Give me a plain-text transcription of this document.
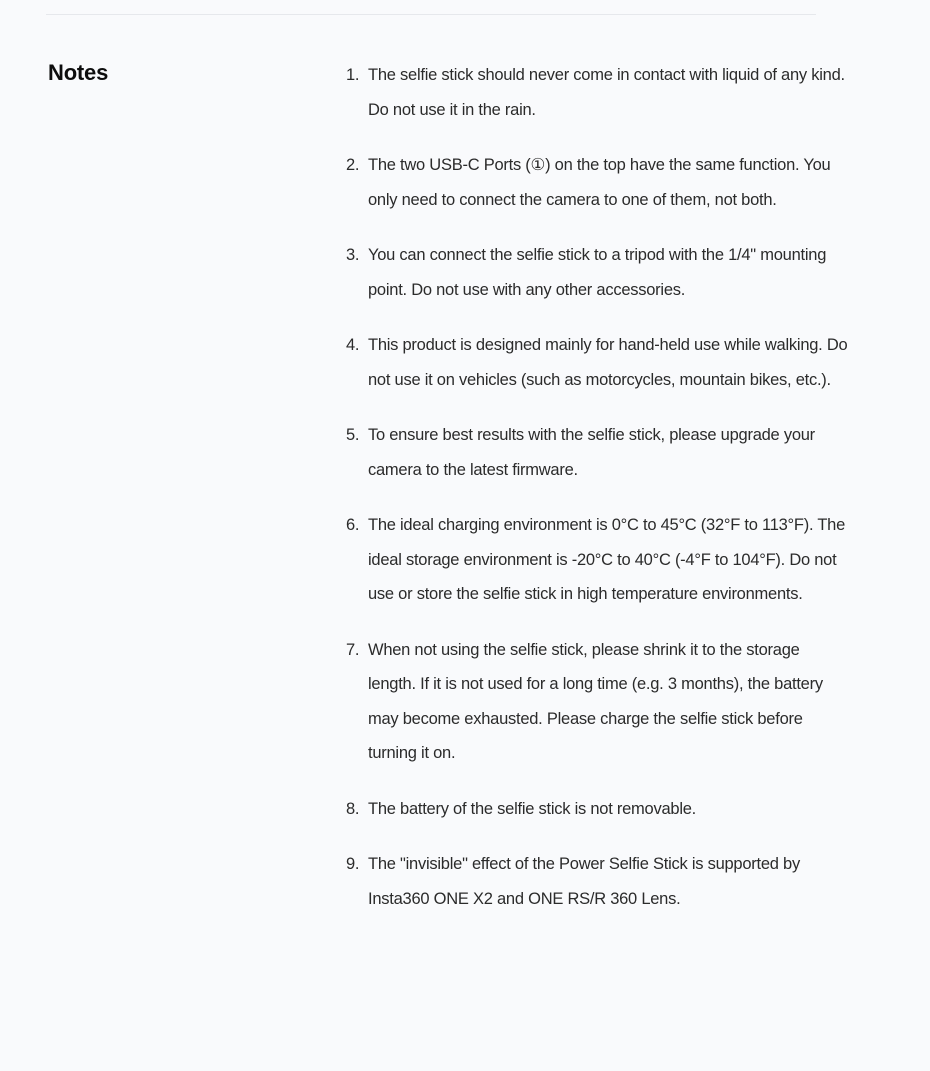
Notes	1. The selfie stick should never come in contact with liquid of any kind. Do not use it in the rain.
2. The two USB-C Ports (①) on the top have the same function. You only need to connect the camera to one of them, not both.
3. You can connect the selfie stick to a tripod with the 1/4" mounting point. Do not use with any other accessories.
4. This product is designed mainly for hand-held use while walking. Do not use it on vehicles (such as motorcycles, mountain bikes, etc.).
5. To ensure best results with the selfie stick, please upgrade your camera to the latest firmware.
6. The ideal charging environment is 0°C to 45°C (32°F to 113°F). The ideal storage environment is -20°C to 40°C (-4°F to 104°F). Do not use or store the selfie stick in high temperature environments.
7. When not using the selfie stick, please shrink it to the storage length. If it is not used for a long time (e.g. 3 months), the battery may become exhausted. Please charge the selfie stick before turning it on.
8. The battery of the selfie stick is not removable.
9. The "invisible" effect of the Power Selfie Stick is supported by Insta360 ONE X2 and ONE RS/R 360 Lens.
